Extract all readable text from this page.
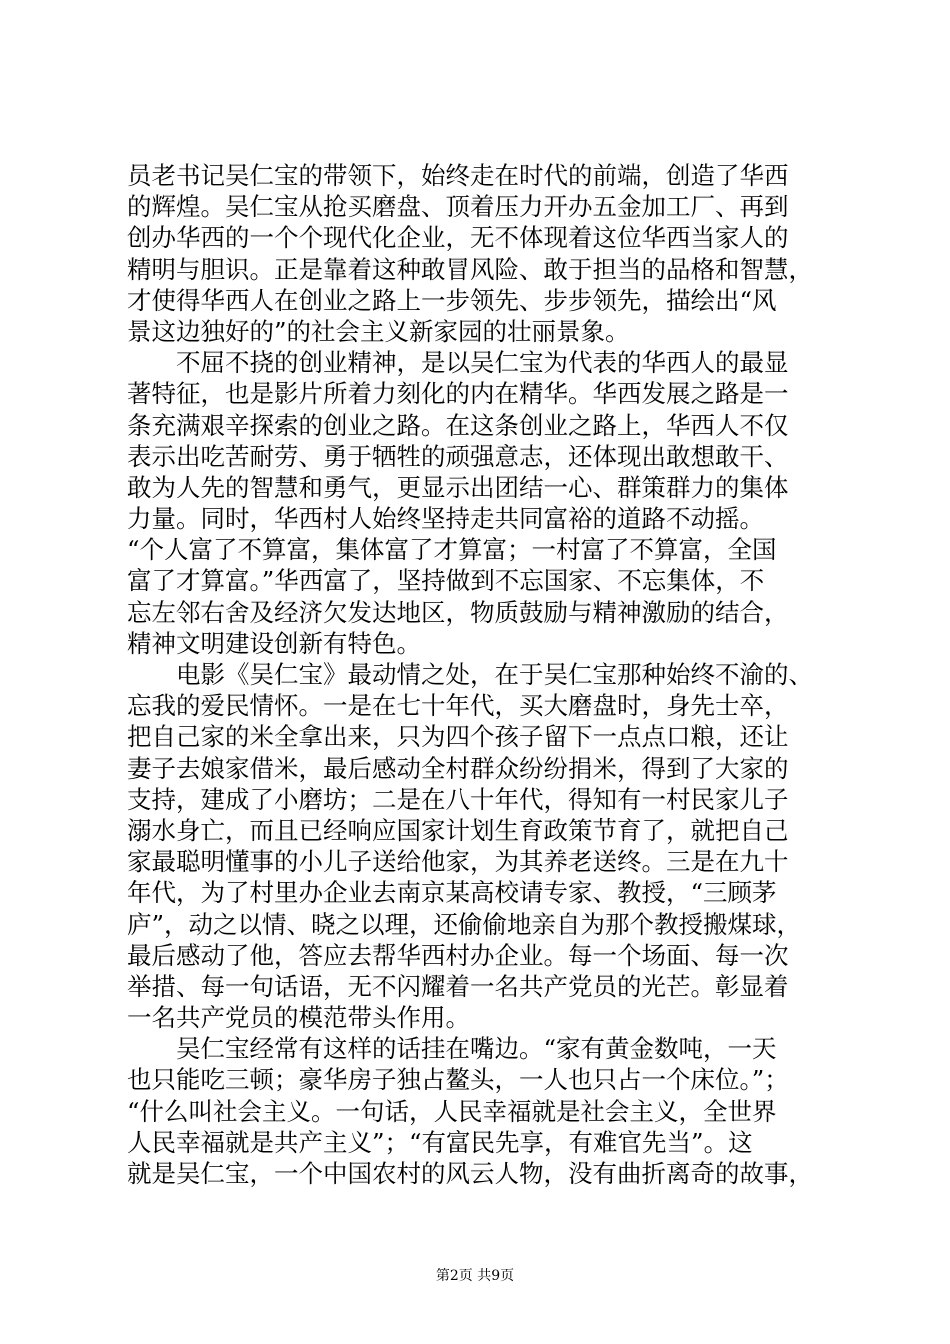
员老书记吴仁宝的带领下，始终走在时代的前端，创造了华西
的辉煌。吴仁宝从抢买磨盘、顶着压力开办五金加工厂、再到
创办华西的一个个现代化企业，无不体现着这位华西当家人的
精明与胆识。正是靠着这种敢冒风险、敢于担当的品格和智慧，
才使得华西人在创业之路上一步领先、步步领先，描绘出“风
景这边独好的”的社会主义新家园的壮丽景象。
　　不屈不挠的创业精神，是以吴仁宝为代表的华西人的最显
著特征，也是影片所着力刻化的内在精华。华西发展之路是一
条充满艰辛探索的创业之路。在这条创业之路上，华西人不仅
表示出吃苦耐劳、勇于牺牲的顽强意志，还体现出敢想敢干、
敢为人先的智慧和勇气，更显示出团结一心、群策群力的集体
力量。同时，华西村人始终坚持走共同富裕的道路不动摇。
“个人富了不算富，集体富了才算富；一村富了不算富，全国
富了才算富。”华西富了，坚持做到不忘国家、不忘集体，不
忘左邻右舍及经济欠发达地区，物质鼓励与精神激励的结合，
精神文明建设创新有特色。
　　电影《吴仁宝》最动情之处，在于吴仁宝那种始终不渝的、
忘我的爱民情怀。一是在七十年代，买大磨盘时，身先士卒，
把自己家的米全拿出来，只为四个孩子留下一点点口粮，还让
妻子去娘家借米，最后感动全村群众纷纷捐米，得到了大家的
支持，建成了小磨坊；二是在八十年代，得知有一村民家儿子
溺水身亡，而且已经响应国家计划生育政策节育了，就把自己
家最聪明懂事的小儿子送给他家，为其养老送终。三是在九十
年代，为了村里办企业去南京某高校请专家、教授，“三顾茅
庐”，动之以情、晓之以理，还偷偷地亲自为那个教授搬煤球，
最后感动了他，答应去帮华西村办企业。每一个场面、每一次
举措、每一句话语，无不闪耀着一名共产党员的光芒。彰显着
一名共产党员的模范带头作用。
　　吴仁宝经常有这样的话挂在嘴边。“家有黄金数吨，一天
也只能吃三顿；豪华房子独占鳌头，一人也只占一个床位。”；
“什么叫社会主义。一句话，人民幸福就是社会主义，全世界
人民幸福就是共产主义”；“有富民先享，有难官先当”。这
就是吴仁宝，一个中国农村的风云人物，没有曲折离奇的故事，
第2页 共9页
